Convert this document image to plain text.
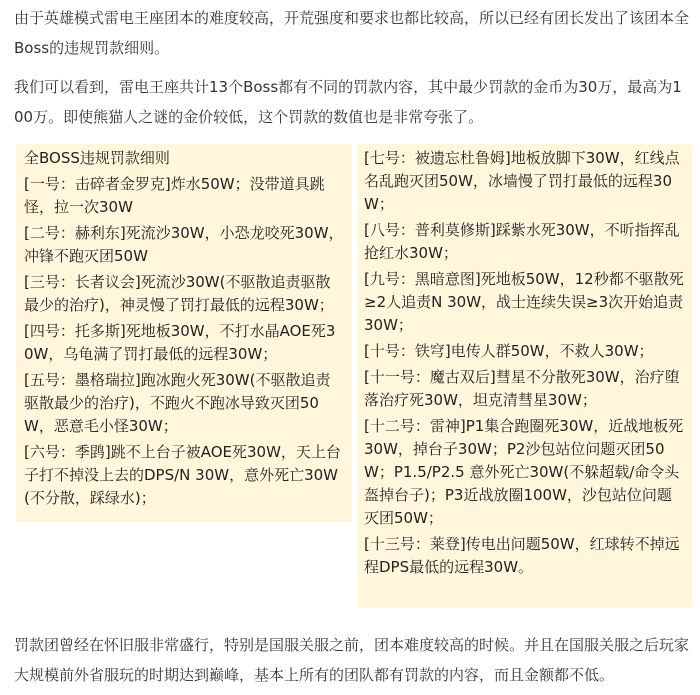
由于英雄模式雷电王座团本的难度较高，开荒强度和要求也都比较高，所以已经有团长发出了该团本全Boss的违规罚款细则。

我们可以看到，雷电王座共计13个Boss都有不同的罚款内容，其中最少罚款的金币为30万，最高为100万。即使熊猫人之谜的金价较低，这个罚款的数值也是非常夸张了。

全BOSS违规罚款细则
[一号：击碎者金罗克]炸水50W；没带道具跳怪，拉一次30W
[二号：赫利东]死流沙30W，小恐龙咬死30W，冲锋不跑灭团50W
[三号：长者议会]死流沙30W(不驱散追责驱散最少的治疗)，神灵慢了罚打最低的远程30W；
[四号：托多斯]死地板30W，不打水晶AOE死30W，乌龟满了罚打最低的远程30W；
[五号：墨格瑞拉]跑冰跑火死30W(不驱散追责驱散最少的治疗)，不跑火不跑冰导致灭团50W，恶意毛小怪30W；
[六号：季鹍]跳不上台子被AOE死30W，天上台子打不掉没上去的DPS/N 30W，意外死亡30W(不分散，踩绿水)；
[七号：被遗忘杜鲁姆]地板放脚下30W，红线点名乱跑灭团50W，冰墙慢了罚打最低的远程30W；
[八号：普利莫修斯]踩紫水死30W，不听指挥乱抢红水30W；
[九号：黑暗意图]死地板50W，12秒都不驱散死≥2人追责N 30W，战士连续失误≥3次开始追责30W；
[十号：铁穹]电传人群50W，不救人30W；
[十一号：魔古双后]彗星不分散死30W，治疗堕落治疗死30W，坦克清彗星30W；
[十二号：雷神]P1集合跑圈死30W，近战地板死30W，掉台子30W；P2沙包站位问题灭团50W；P1.5/P2.5 意外死亡30W(不躲超载/命令头盔掉台子)；P3近战放圈100W，沙包站位问题灭团50W；
[十三号：莱登]传电出问题50W，红球转不掉远程DPS最低的远程30W。

罚款团曾经在怀旧服非常盛行，特别是国服关服之前，团本难度较高的时候。并且在国服关服之后玩家大规模前外省服玩的时期达到巅峰，基本上所有的团队都有罚款的内容，而且金额都不低。
